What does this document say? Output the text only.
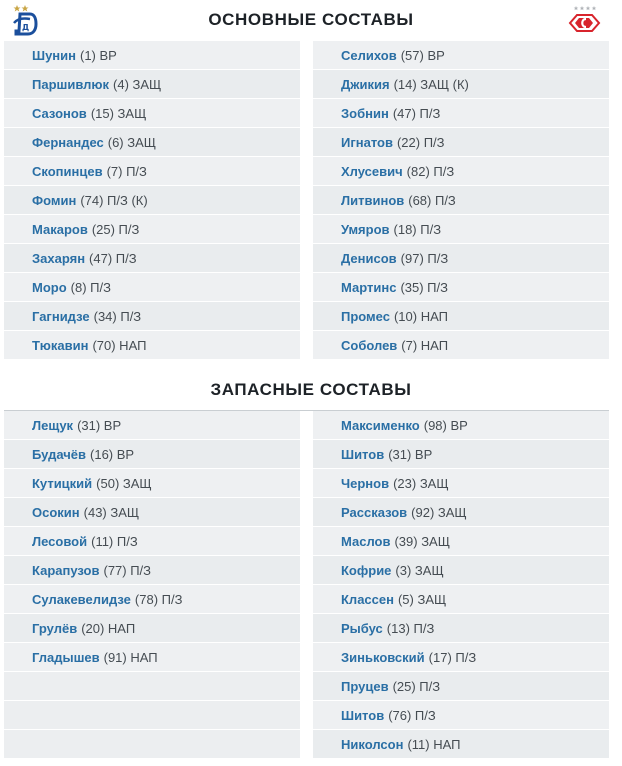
ОСНОВНЫЕ СОСТАВЫ
Д
Шунин (1) ВР
Паршивлюк (4) ЗАЩ
Сазонов (15) ЗАЩ
Фернандес (6) ЗАЩ
Скопинцев (7) П/З
Фомин (74) П/З (К)
Макаров (25) П/З
Захарян (47) П/З
Моро (8) П/З
Гагнидзе (34) П/З
Тюкавин (70) НАП
Селихов (57) ВР
Джикия (14) ЗАЩ (К)
Зобнин (47) П/З
Игнатов (22) П/З
Хлусевич (82) П/З
Литвинов (68) П/З
Умяров (18) П/З
Денисов (97) П/З
Мартинс (35) П/З
Промес (10) НАП
Соболев (7) НАП
ЗАПАСНЫЕ СОСТАВЫ
Лещук (31) ВР
Будачёв (16) ВР
Кутицкий (50) ЗАЩ
Осокин (43) ЗАЩ
Лесовой (11) П/З
Карапузов (77) П/З
Сулакевелидзе (78) П/З
Грулёв (20) НАП
Гладышев (91) НАП
Максименко (98) ВР
Шитов (31) ВР
Чернов (23) ЗАЩ
Рассказов (92) ЗАЩ
Маслов (39) ЗАЩ
Кофрие (3) ЗАЩ
Классен (5) ЗАЩ
Рыбус (13) П/З
Зиньковский (17) П/З
Пруцев (25) П/З
Шитов (76) П/З
Николсон (11) НАП
